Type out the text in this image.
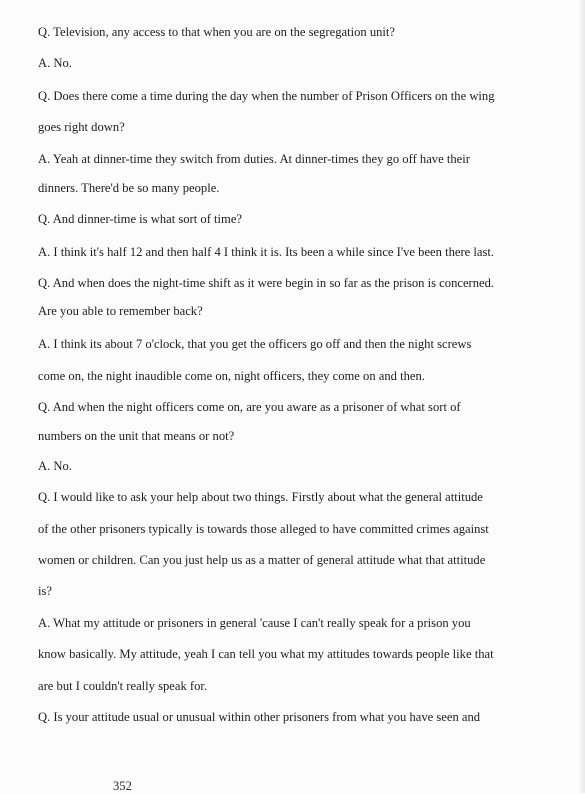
Q. Television, any access to that when you are on the segregation unit?

A. No.

Q. Does there come a time during the day when the number of Prison Officers on the wing

goes right down?

A. Yeah at dinner-time they switch from duties. At dinner-times they go off have their

dinners. There'd be so many people.

Q. And dinner-time is what sort of time?

A. I think it's half 12 and then half 4 I think it is. Its been a while since I've been there last.

Q. And when does the night-time shift as it were begin in so far as the prison is concerned.

Are you able to remember back?

A. I think its about 7 o'clock, that you get the officers go off and then the night screws

come on, the night inaudible come on, night officers, they come on and then.

Q. And when the night officers come on, are you aware as a prisoner of what sort of

numbers on the unit that means or not?

A. No.

Q. I would like to ask your help about two things. Firstly about what the general attitude

of the other prisoners typically is towards those alleged to have committed crimes against

women or children. Can you just help us as a matter of general attitude what that attitude

is?

A. What my attitude or prisoners in general 'cause I can't really speak for a prison you

know basically. My attitude, yeah I can tell you what my attitudes towards people like that

are but I couldn't really speak for.

Q. Is your attitude usual or unusual within other prisoners from what you have seen and

352
